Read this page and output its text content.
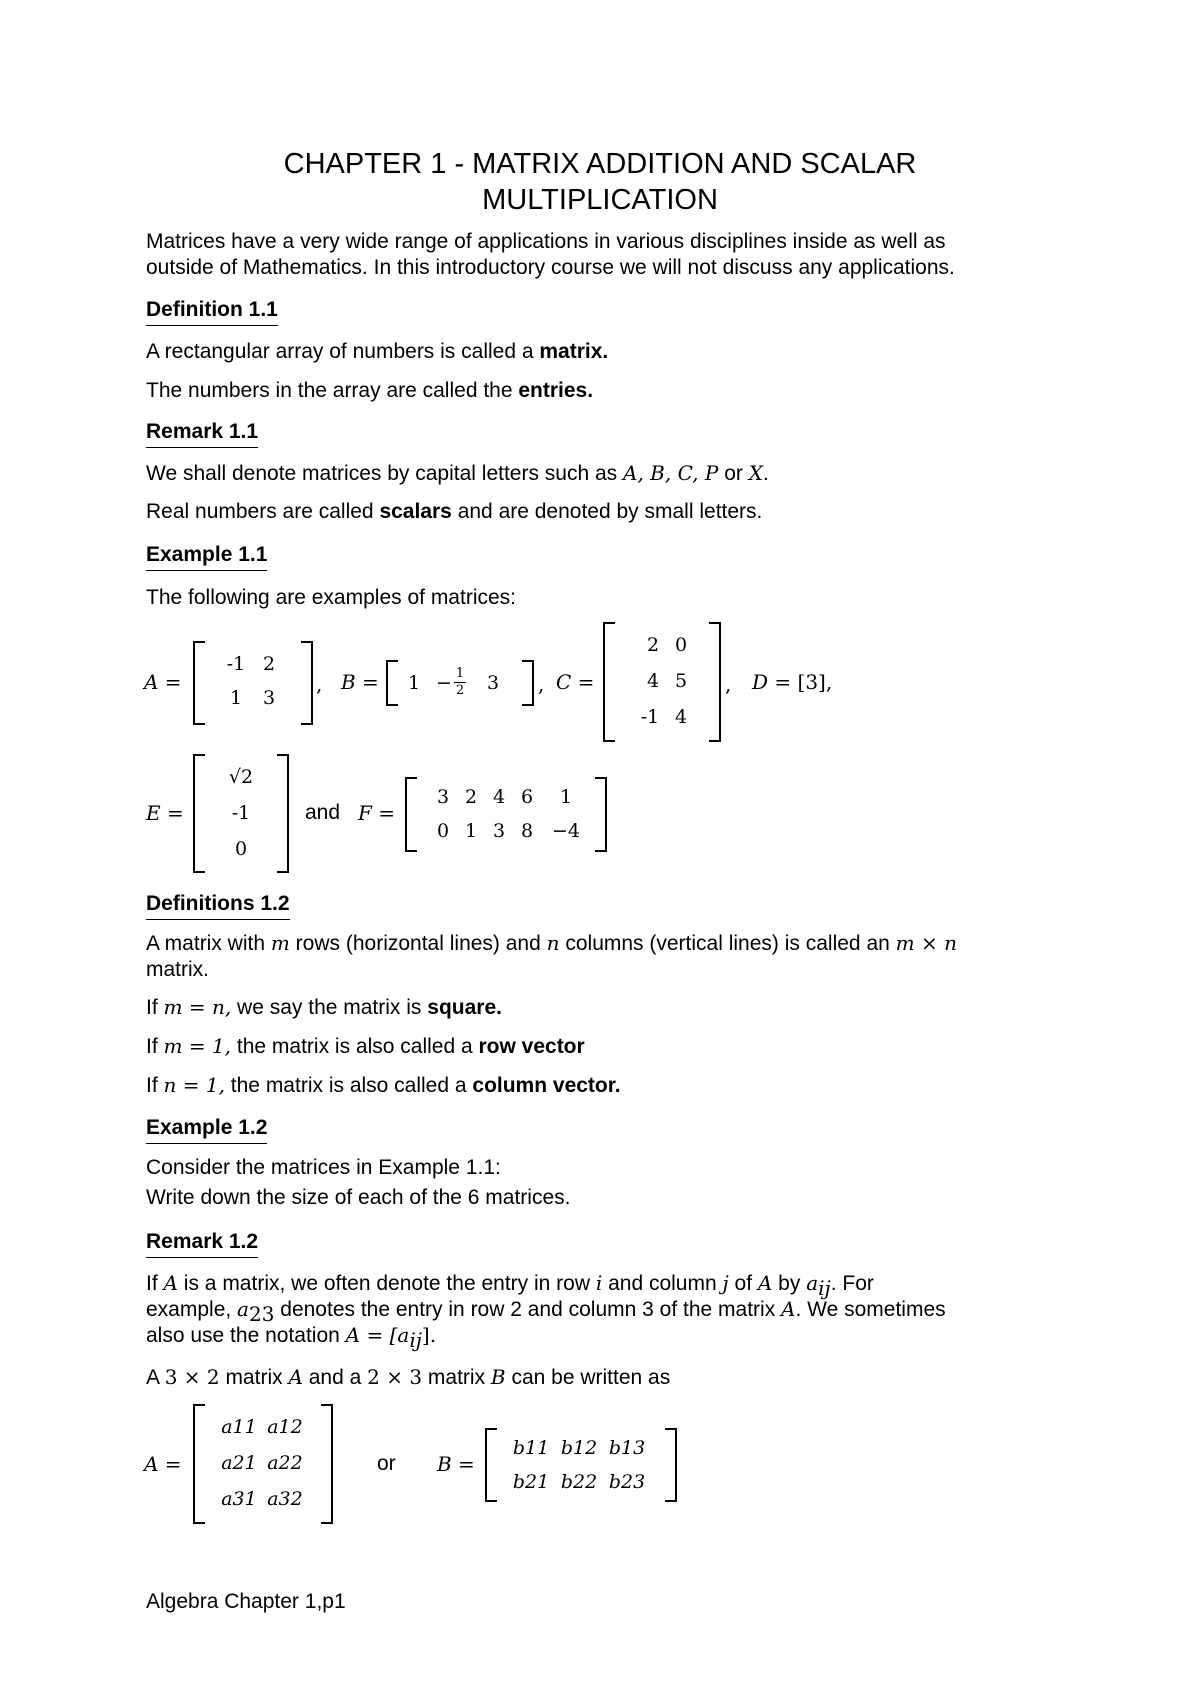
CHAPTER 1 - MATRIX ADDITION AND SCALAR
MULTIPLICATION
Matrices have a very wide range of applications in various disciplines inside as well as
outside of Mathematics. In this introductory course we will not discuss any applications.
Definition 1.1
A rectangular array of numbers is called a matrix.
The numbers in the array are called the entries.
Remark 1.1
We shall denote matrices by capital letters such as A, B, C, P or X.
Real numbers are called scalars and are denoted by small letters.
Example 1.1
The following are examples of matrices:
A =
-1 2
1	3
, B = 1 − 1
2 3 , C =
2 0
4 5
-1 4
, D = [3],
E =
√2
-1
0
and F =
3 2 4 6	1
0 1 3 8 −4
Definitions 1.2
A matrix with m rows (horizontal lines) and n columns (vertical lines) is called an m × n
matrix.
If m = n, we say the matrix is square.
If m = 1, the matrix is also called a row vector
If n = 1, the matrix is also called a column vector.
Example 1.2
Consider the matrices in Example 1.1:
Write down the size of each of the 6 matrices.
Remark 1.2
If A is a matrix, we often denote the entry in row i and column j of A by $a_{ij}$. For
example, $a_{23}$ denotes the entry in row 2 and column 3 of the matrix A. We sometimes
also use the notation $A = [a_{ij}]$.
A 3 × 2 matrix A and a 2 × 3 matrix B can be written as
A =
a11 a12
a21 a22
a31 a32
or B =
b11 b12 b13
b21 b22 b23
Algebra Chapter 1,p1
